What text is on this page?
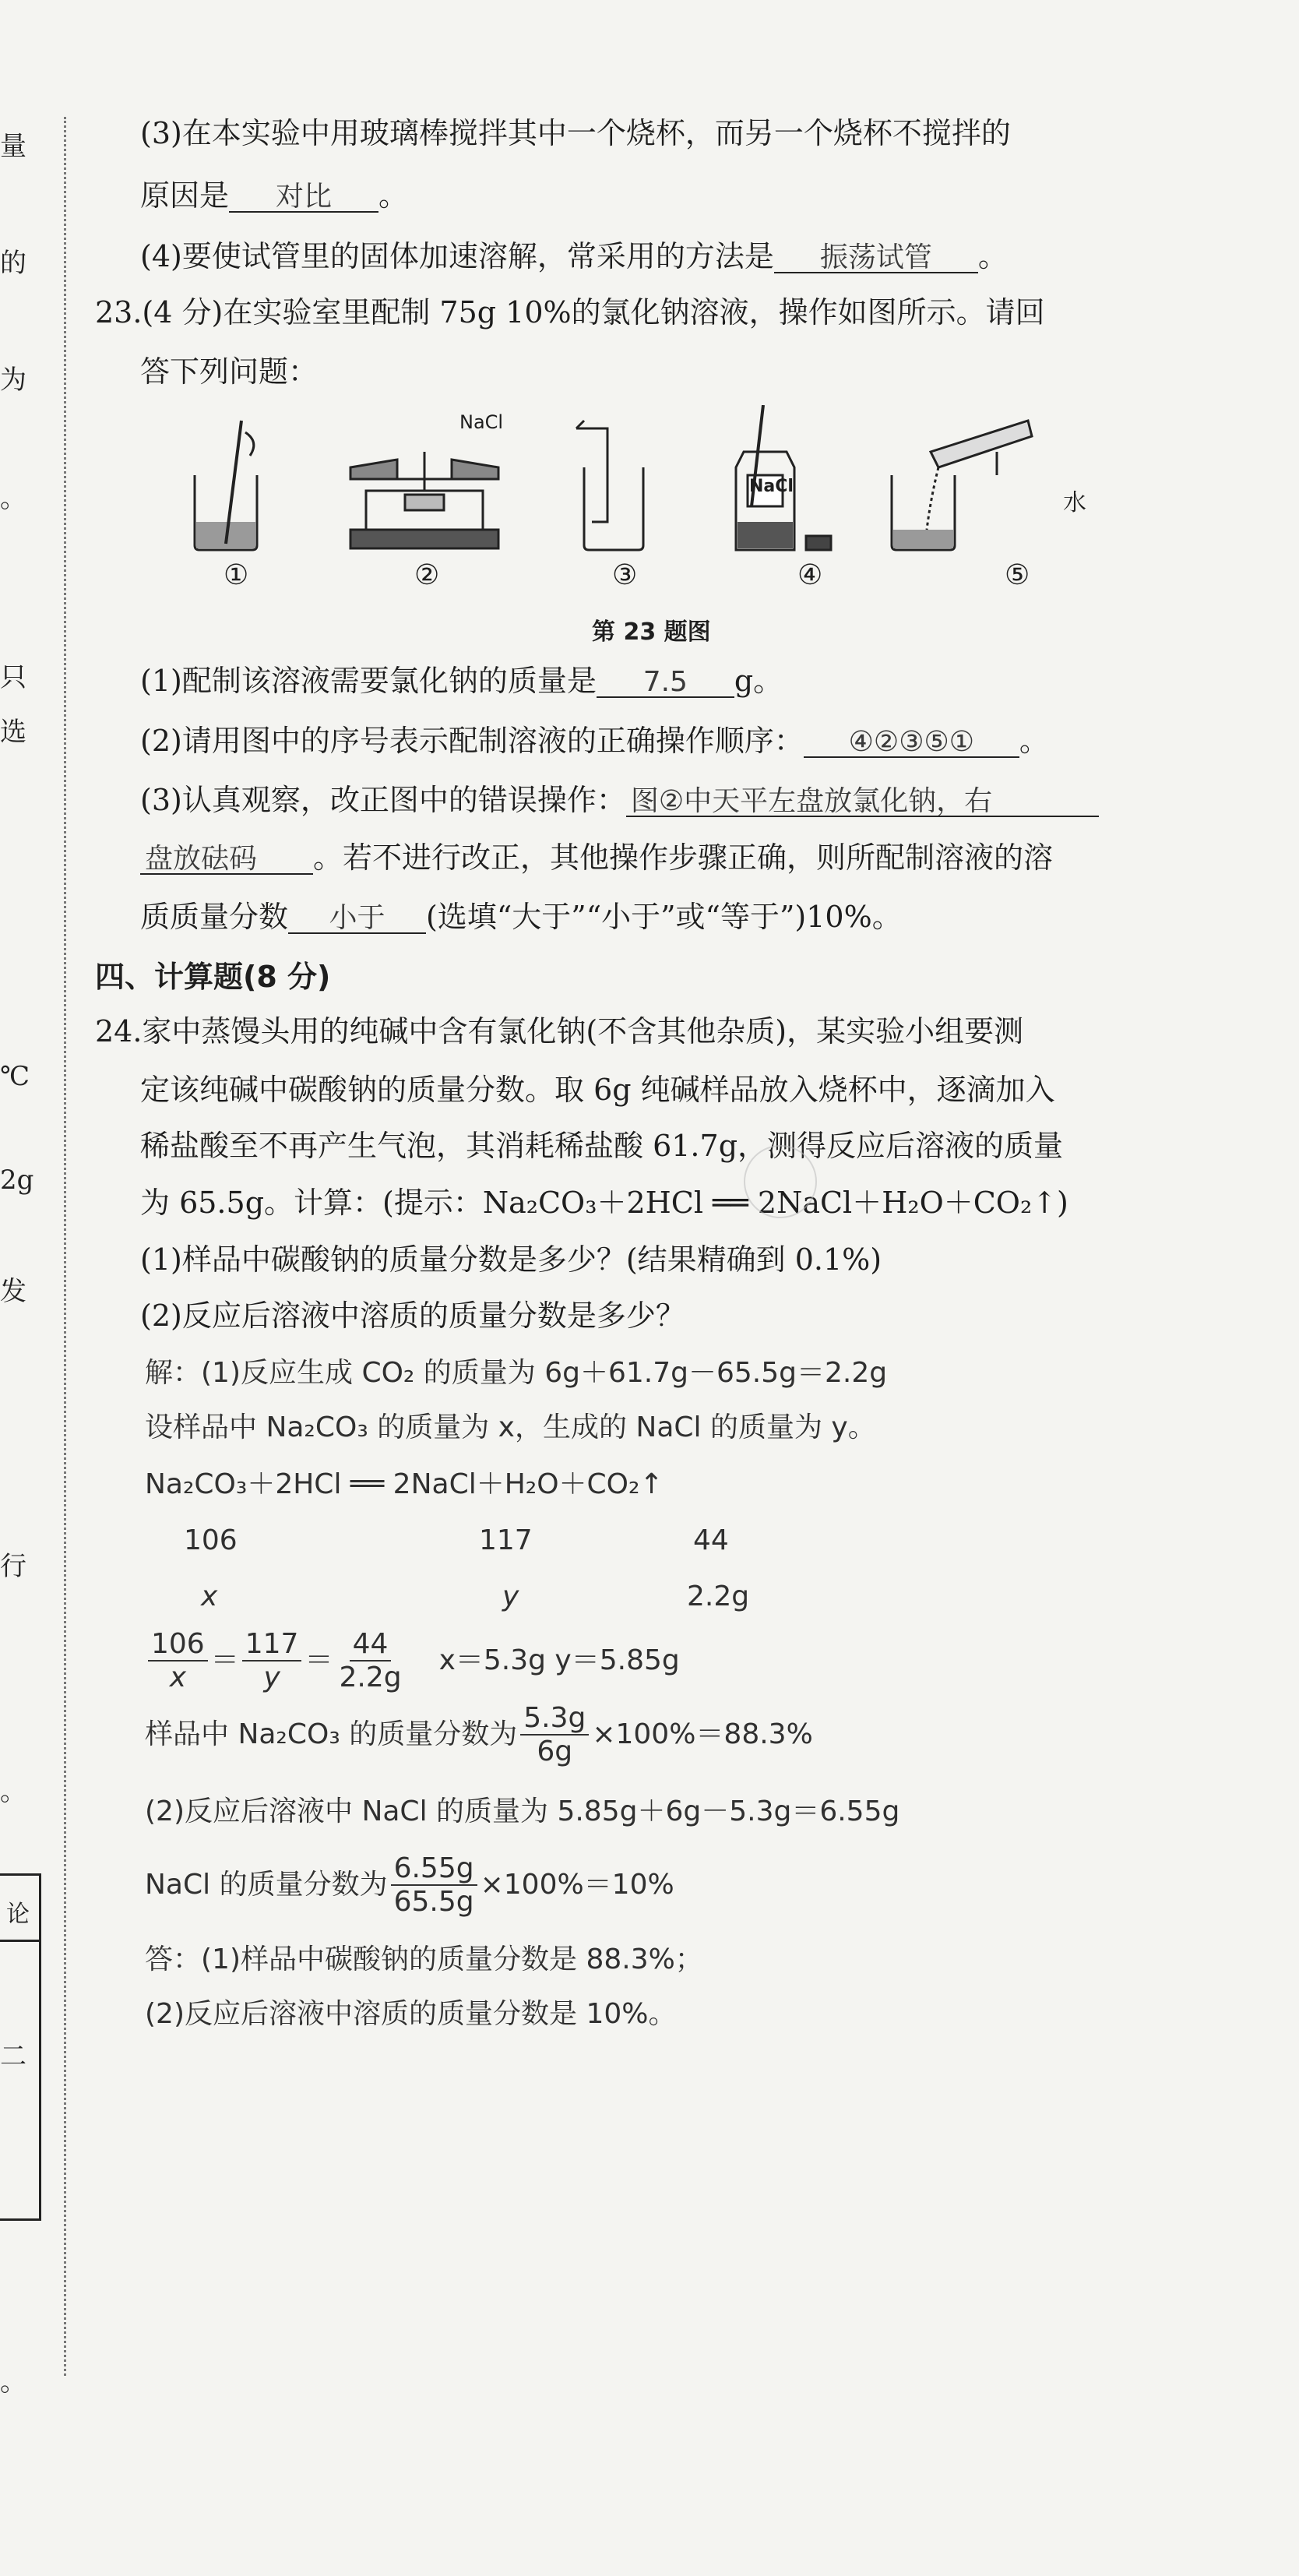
量
的
为
。
只
选
℃
2g
发
行
。
论
二
。
(3)在本实验中用玻璃棒搅拌其中一个烧杯，而另一个烧杯不搅拌的
原因是 对比 。
(4)要使试管里的固体加速溶解，常采用的方法是 振荡试管 。
23.(4 分)在实验室里配制 75g 10%的氯化钠溶液，操作如图所示。请回
答下列问题：
NaCl
NaCl
水
①	②	③	④	⑤
第 23 题图
(1)配制该溶液需要氯化钠的质量是 7.5 g。
(2)请用图中的序号表示配制溶液的正确操作顺序： ④②③⑤① 。
(3)认真观察，改正图中的错误操作： 图②中天平左盘放氯化钠，右
盘放砝码 。若不进行改正，其他操作步骤正确，则所配制溶液的溶
质质量分数 小于 (选填“大于”“小于”或“等于”)10%。
四、计算题(8 分)
24.家中蒸馒头用的纯碱中含有氯化钠(不含其他杂质)，某实验小组要测
定该纯碱中碳酸钠的质量分数。取 6g 纯碱样品放入烧杯中，逐滴加入
稀盐酸至不再产生气泡，其消耗稀盐酸 61.7g，测得反应后溶液的质量
为 65.5g。计算：(提示：Na₂CO₃＋2HCl ══ 2NaCl＋H₂O＋CO₂↑)
(1)样品中碳酸钠的质量分数是多少？(结果精确到 0.1%)
(2)反应后溶液中溶质的质量分数是多少？
解：(1)反应生成 CO₂ 的质量为 6g＋61.7g－65.5g＝2.2g
设样品中 Na₂CO₃ 的质量为 x，生成的 NaCl 的质量为 y。
Na₂CO₃＋2HCl ══ 2NaCl＋H₂O＋CO₂↑
106	117	44
x	y	2.2g
$\frac{106}{x} = \frac{117}{y} = \frac{44}{2.2g} x=5.3g$ y＝5.85g
样品中 Na₂CO₃ 的质量分数为 $\frac{5.3g}{6g} \times 100\%=88.3\%$
(2)反应后溶液中 NaCl 的质量为 5.85g＋6g－5.3g＝6.55g
NaCl 的质量分数为 $\frac{6.55g}{65.5g} \times 100\%=10\%$
答：(1)样品中碳酸钠的质量分数是 88.3%；
(2)反应后溶液中溶质的质量分数是 10%。
